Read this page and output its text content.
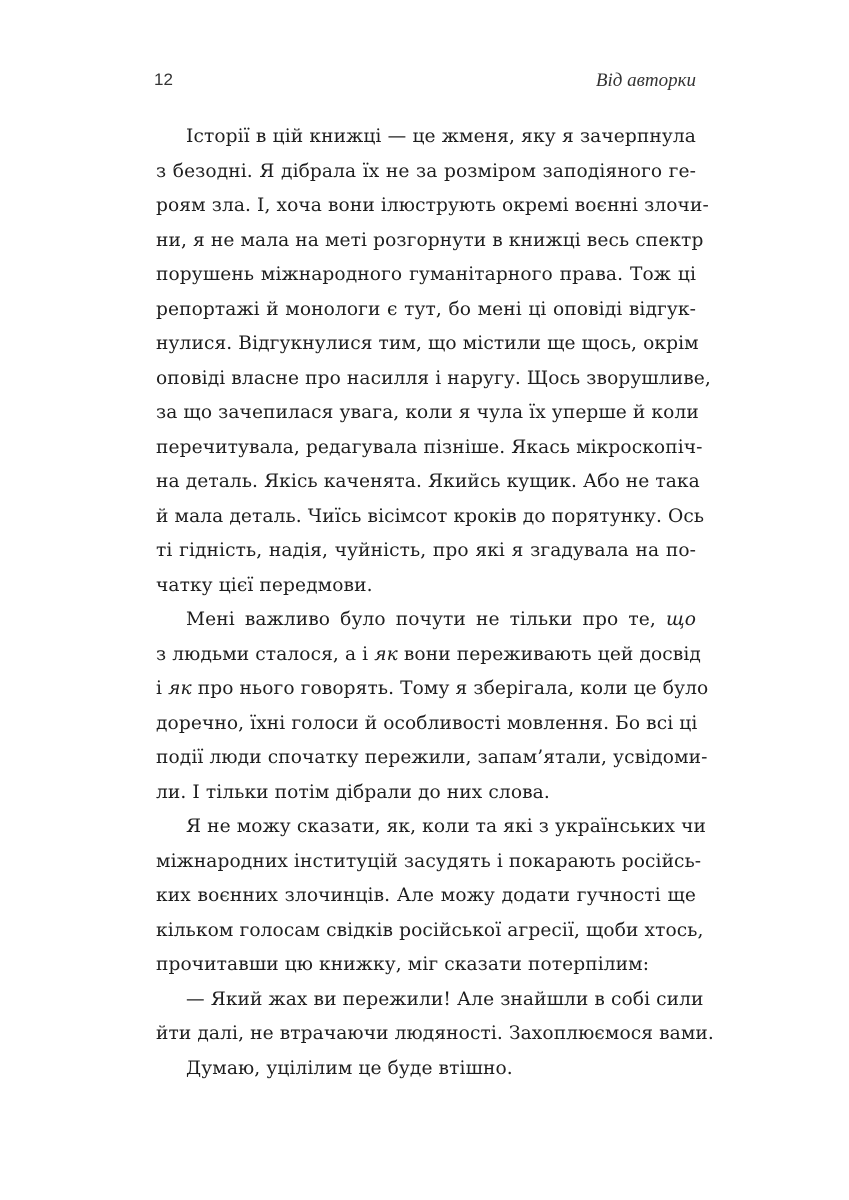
12	Від авторки
Історії в цій книжці — це жменя, яку я зачерпнула
з безодні. Я дібрала їх не за розміром заподіяного ге-
роям зла. І, хоча вони ілюструють окремі воєнні злочи-
ни, я не мала на меті розгорнути в книжці весь спектр
порушень міжнародного гуманітарного права. Тож ці
репортажі й монологи є тут, бо мені ці оповіді відгук-
нулися. Відгукнулися тим, що містили ще щось, окрім
оповіді власне про насилля і наругу. Щось зворушливе,
за що зачепилася увага, коли я чула їх уперше й коли
перечитувала, редагувала пізніше. Якась мікроскопіч-
на деталь. Якісь каченята. Якийсь кущик. Або не така
й мала деталь. Чиїсь вісімсот кроків до порятунку. Ось
ті гідність, надія, чуйність, про які я згадувала на по-
чатку цієї передмови.
Мені важливо було почути не тільки про те, що
з людьми сталося, а і як вони переживають цей досвід
і як про нього говорять. Тому я зберігала, коли це було
доречно, їхні голоси й особливості мовлення. Бо всі ці
події люди спочатку пережили, запам’ятали, усвідоми-
ли. І тільки потім дібрали до них слова.
Я не можу сказати, як, коли та які з українських чи
міжнародних інституцій засудять і покарають російсь-
ких воєнних злочинців. Але можу додати гучності ще
кільком голосам свідків російської агресії, щоби хтось,
прочитавши цю книжку, міг сказати потерпілим:
— Який жах ви пережили! Але знайшли в собі сили
йти далі, не втрачаючи людяності. Захоплюємося вами.
Думаю, уцілілим це буде втішно.
